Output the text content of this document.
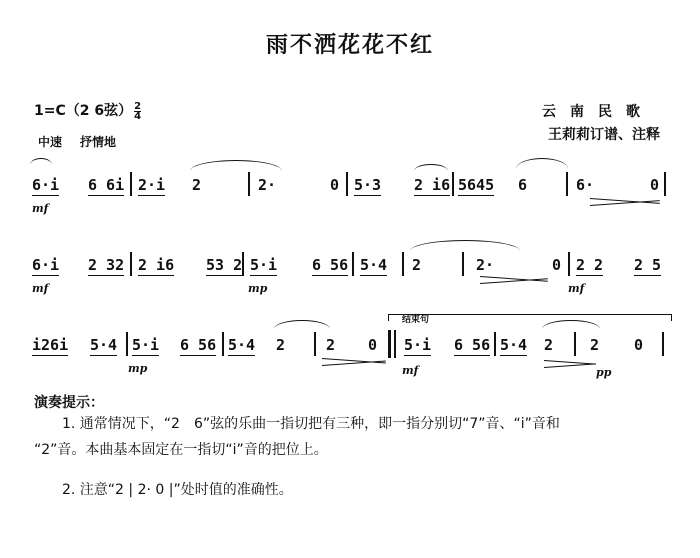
雨不洒花花不红
1=C（2 6弦） $\frac{2}{4}$	云南民歌
王莉莉订谱、注释
中速 抒情地
6·i 6 6i 2·i 2	2·	0 5·3 2 i6 5645 6	6·	0
mf
6·i 2 32 2 i6 53 2 5·i 6 56 5·4 2	2·	0 2 2 2 5
mf	mp	mf
i26i 5·4 5·i 6 56 5·4 2	2 0
结束句
5·i 6 56 5·4 2 2 0
mp	mf	pp
演奏提示：
1. 通常情况下，“2　6”弦的乐曲一指切把有三种，即一指分别切“7”音、“i”音和
“2”音。本曲基本固定在一指切“i”音的把位上。
2. 注意“2 | 2· 0 |”处时值的准确性。
